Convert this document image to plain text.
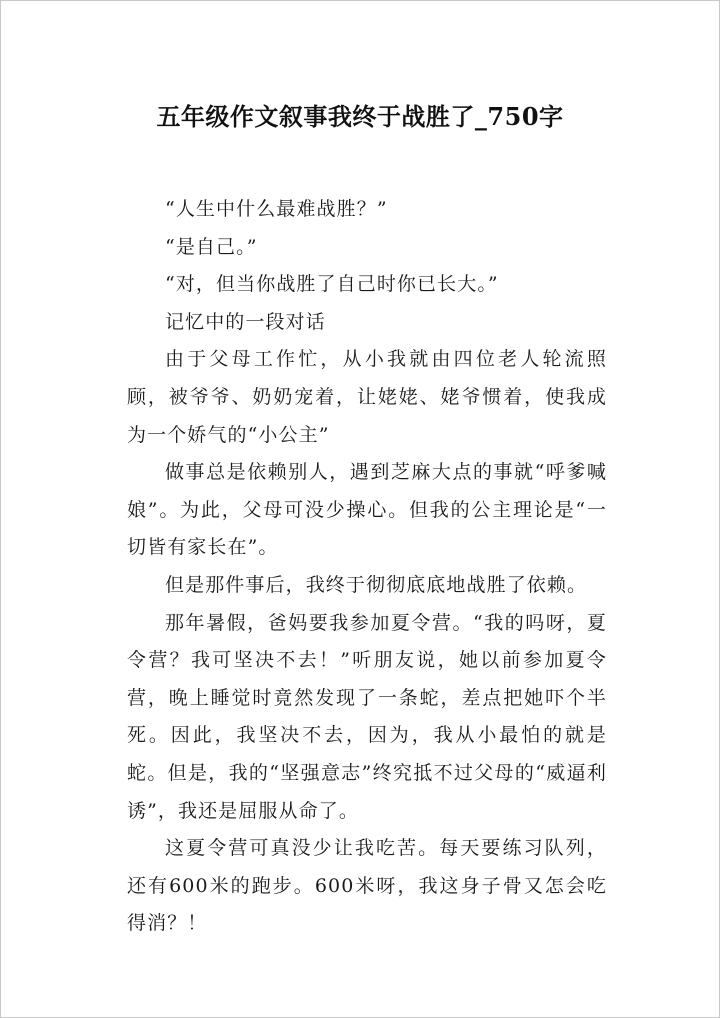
五年级作文叙事我终于战胜了_750字

“人生中什么最难战胜？”

“是自己。”

“对，但当你战胜了自己时你已长大。”

记忆中的一段对话

由于父母工作忙，从小我就由四位老人轮流照顾，被爷爷、奶奶宠着，让姥姥、姥爷惯着，使我成为一个娇气的“小公主”

做事总是依赖别人，遇到芝麻大点的事就“呼爹喊娘”。为此，父母可没少操心。但我的公主理论是“一切皆有家长在”。

但是那件事后，我终于彻彻底底地战胜了依赖。

那年暑假，爸妈要我参加夏令营。“我的吗呀，夏令营？我可坚决不去！”听朋友说，她以前参加夏令营，晚上睡觉时竟然发现了一条蛇，差点把她吓个半死。因此，我坚决不去，因为，我从小最怕的就是蛇。但是，我的“坚强意志”终究抵不过父母的“威逼利诱”，我还是屈服从命了。

这夏令营可真没少让我吃苦。每天要练习队列，还有600米的跑步。600米呀，我这身子骨又怎会吃得消？！
